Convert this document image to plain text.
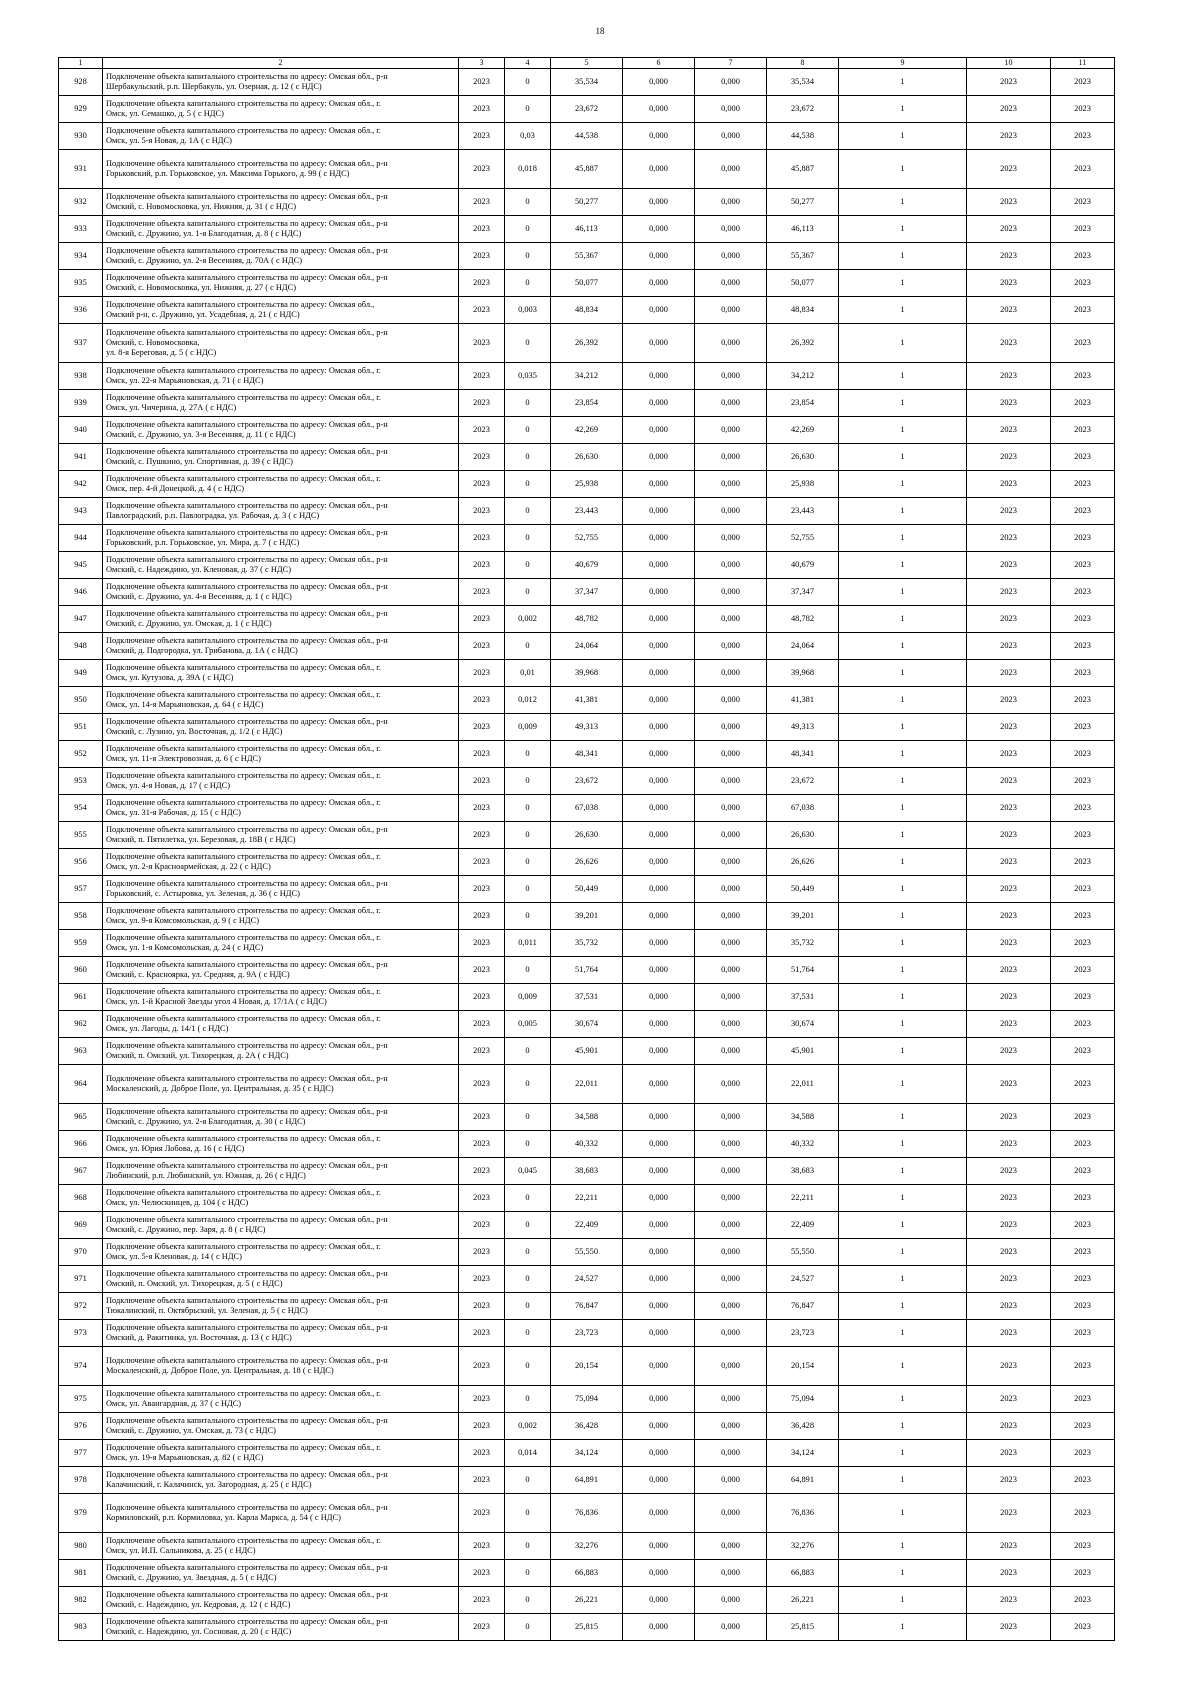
18
1	2	3	4	5	6	7	8	9	10	11
928	Подключение объекта капитального строительства по адресу: Омская обл., р-н
Шербакульский, р.п. Шербакуль, ул. Озерная, д. 12 ( с НДС)	2023	0	35,534	0,000	0,000	35,534	1	2023	2023
929	Подключение объекта капитального строительства по адресу: Омская обл., г.
Омск, ул. Семашко, д. 5 ( с НДС)	2023	0	23,672	0,000	0,000	23,672	1	2023	2023
930	Подключение объекта капитального строительства по адресу: Омская обл., г.
Омск, ул. 5-я Новая, д. 1А ( с НДС)	2023	0,03	44,538	0,000	0,000	44,538	1	2023	2023
931	Подключение объекта капитального строительства по адресу: Омская обл., р-н
Горьковский, р.п. Горьковское, ул. Максима Горького, д. 99 ( с НДС)	2023	0,018	45,887	0,000	0,000	45,887	1	2023	2023
932	Подключение объекта капитального строительства по адресу: Омская обл., р-н
Омский, с. Новомосковка, ул. Нижняя, д. 31 ( с НДС)	2023	0	50,277	0,000	0,000	50,277	1	2023	2023
933	Подключение объекта капитального строительства по адресу: Омская обл., р-н
Омский, с. Дружино, ул. 1-я Благодатная, д. 8 ( с НДС)	2023	0	46,113	0,000	0,000	46,113	1	2023	2023
934	Подключение объекта капитального строительства по адресу: Омская обл., р-н
Омский, с. Дружино, ул. 2-я Весенняя, д. 70А ( с НДС)	2023	0	55,367	0,000	0,000	55,367	1	2023	2023
935	Подключение объекта капитального строительства по адресу: Омская обл., р-н
Омский, с. Новомосковка, ул. Нижняя, д. 27 ( с НДС)	2023	0	50,077	0,000	0,000	50,077	1	2023	2023
936	Подключение объекта капитального строительства по адресу: Омская обл.,
Омский р-н, с. Дружино, ул. Усадебная, д. 21 ( с НДС)	2023	0,003	48,834	0,000	0,000	48,834	1	2023	2023
937	Подключение объекта капитального строительства по адресу: Омская обл., р-н
Омский, с. Новомосковка,
ул. 8-я Береговая, д. 5 ( с НДС)	2023	0	26,392	0,000	0,000	26,392	1	2023	2023
938	Подключение объекта капитального строительства по адресу: Омская обл., г.
Омск, ул. 22-я Марьяновская, д. 71 ( с НДС)	2023	0,035	34,212	0,000	0,000	34,212	1	2023	2023
939	Подключение объекта капитального строительства по адресу: Омская обл., г.
Омск, ул. Чичерина, д. 27А ( с НДС)	2023	0	23,854	0,000	0,000	23,854	1	2023	2023
940	Подключение объекта капитального строительства по адресу: Омская обл., р-н
Омский, с. Дружино, ул. 3-я Весенняя, д. 11 ( с НДС)	2023	0	42,269	0,000	0,000	42,269	1	2023	2023
941	Подключение объекта капитального строительства по адресу: Омская обл., р-н
Омский, с. Пушкино, ул. Спортивная, д. 39 ( с НДС)	2023	0	26,630	0,000	0,000	26,630	1	2023	2023
942	Подключение объекта капитального строительства по адресу: Омская обл., г.
Омск, пер. 4-й Донецкой, д. 4 ( с НДС)	2023	0	25,938	0,000	0,000	25,938	1	2023	2023
943	Подключение объекта капитального строительства по адресу: Омская обл., р-н
Павлоградский, р.п. Павлоградка, ул. Рабочая, д. 3 ( с НДС)	2023	0	23,443	0,000	0,000	23,443	1	2023	2023
944	Подключение объекта капитального строительства по адресу: Омская обл., р-н
Горьковский, р.п. Горьковское, ул. Мира, д. 7 ( с НДС)	2023	0	52,755	0,000	0,000	52,755	1	2023	2023
945	Подключение объекта капитального строительства по адресу: Омская обл., р-н
Омский, с. Надеждино, ул. Кленовая, д. 37 ( с НДС)	2023	0	40,679	0,000	0,000	40,679	1	2023	2023
946	Подключение объекта капитального строительства по адресу: Омская обл., р-н
Омский, с. Дружино, ул. 4-я Весенняя, д. 1 ( с НДС)	2023	0	37,347	0,000	0,000	37,347	1	2023	2023
947	Подключение объекта капитального строительства по адресу: Омская обл., р-н
Омский, с. Дружино, ул. Омская, д. 1 ( с НДС)	2023	0,002	48,782	0,000	0,000	48,782	1	2023	2023
948	Подключение объекта капитального строительства по адресу: Омская обл., р-н
Омский, д. Подгородка, ул. Грибанова, д. 1А ( с НДС)	2023	0	24,064	0,000	0,000	24,064	1	2023	2023
949	Подключение объекта капитального строительства по адресу: Омская обл., г.
Омск, ул. Кутузова, д. 39А ( с НДС)	2023	0,01	39,968	0,000	0,000	39,968	1	2023	2023
950	Подключение объекта капитального строительства по адресу: Омская обл., г.
Омск, ул. 14-я Марьяновская, д. 64 ( с НДС)	2023	0,012	41,381	0,000	0,000	41,381	1	2023	2023
951	Подключение объекта капитального строительства по адресу: Омская обл., р-н
Омский, с. Лузино, ул. Восточная, д. 1/2 ( с НДС)	2023	0,009	49,313	0,000	0,000	49,313	1	2023	2023
952	Подключение объекта капитального строительства по адресу: Омская обл., г.
Омск, ул. 11-я Электровозная, д. 6 ( с НДС)	2023	0	48,341	0,000	0,000	48,341	1	2023	2023
953	Подключение объекта капитального строительства по адресу: Омская обл., г.
Омск, ул. 4-я Новая, д. 17 ( с НДС)	2023	0	23,672	0,000	0,000	23,672	1	2023	2023
954	Подключение объекта капитального строительства по адресу: Омская обл., г.
Омск, ул. 31-я Рабочая, д. 15 ( с НДС)	2023	0	67,038	0,000	0,000	67,038	1	2023	2023
955	Подключение объекта капитального строительства по адресу: Омская обл., р-н
Омский, п. Пятилетка, ул. Березовая, д. 18В ( с НДС)	2023	0	26,630	0,000	0,000	26,630	1	2023	2023
956	Подключение объекта капитального строительства по адресу: Омская обл., г.
Омск, ул. 2-я Красноармейская, д. 22 ( с НДС)	2023	0	26,626	0,000	0,000	26,626	1	2023	2023
957	Подключение объекта капитального строительства по адресу: Омская обл., р-н
Горьковский, с. Астыровка, ул. Зеленая, д. 36 ( с НДС)	2023	0	50,449	0,000	0,000	50,449	1	2023	2023
958	Подключение объекта капитального строительства по адресу: Омская обл., г.
Омск, ул. 9-я Комсомольская, д. 9 ( с НДС)	2023	0	39,201	0,000	0,000	39,201	1	2023	2023
959	Подключение объекта капитального строительства по адресу: Омская обл., г.
Омск, ул. 1-я Комсомольская, д. 24 ( с НДС)	2023	0,011	35,732	0,000	0,000	35,732	1	2023	2023
960	Подключение объекта капитального строительства по адресу: Омская обл., р-н
Омский, с. Красноярка, ул. Средняя, д. 9А ( с НДС)	2023	0	51,764	0,000	0,000	51,764	1	2023	2023
961	Подключение объекта капитального строительства по адресу: Омская обл., г.
Омск, ул. 1-й Красной Звезды угол 4 Новая, д. 17/1А ( с НДС)	2023	0,009	37,531	0,000	0,000	37,531	1	2023	2023
962	Подключение объекта капитального строительства по адресу: Омская обл., г.
Омск, ул. Лагоды, д. 14/1 ( с НДС)	2023	0,005	30,674	0,000	0,000	30,674	1	2023	2023
963	Подключение объекта капитального строительства по адресу: Омская обл., р-н
Омский, п. Омский, ул. Тихорецкая, д. 2А ( с НДС)	2023	0	45,901	0,000	0,000	45,901	1	2023	2023
964	Подключение объекта капитального строительства по адресу: Омская обл., р-н
Москаленский, д. Доброе Поле, ул. Центральная, д. 35 ( с НДС)	2023	0	22,011	0,000	0,000	22,011	1	2023	2023
965	Подключение объекта капитального строительства по адресу: Омская обл., р-н
Омский, с. Дружино, ул. 2-я Благодатная, д. 30 ( с НДС)	2023	0	34,588	0,000	0,000	34,588	1	2023	2023
966	Подключение объекта капитального строительства по адресу: Омская обл., г.
Омск, ул. Юрия Лобова, д. 16 ( с НДС)	2023	0	40,332	0,000	0,000	40,332	1	2023	2023
967	Подключение объекта капитального строительства по адресу: Омская обл., р-н
Любинский, р.п. Любинский, ул. Южная, д. 26 ( с НДС)	2023	0,045	38,683	0,000	0,000	38,683	1	2023	2023
968	Подключение объекта капитального строительства по адресу: Омская обл., г.
Омск, ул. Челюскинцев, д. 104 ( с НДС)	2023	0	22,211	0,000	0,000	22,211	1	2023	2023
969	Подключение объекта капитального строительства по адресу: Омская обл., р-н
Омский, с. Дружино, пер. Заря, д. 8 ( с НДС)	2023	0	22,409	0,000	0,000	22,409	1	2023	2023
970	Подключение объекта капитального строительства по адресу: Омская обл., г.
Омск, ул. 5-я Кленовая, д. 14 ( с НДС)	2023	0	55,550	0,000	0,000	55,550	1	2023	2023
971	Подключение объекта капитального строительства по адресу: Омская обл., р-н
Омский, п. Омский, ул. Тихорецкая, д. 5 ( с НДС)	2023	0	24,527	0,000	0,000	24,527	1	2023	2023
972	Подключение объекта капитального строительства по адресу: Омская обл., р-н
Тюкалинский, п. Октябрьский, ул. Зеленая, д. 5 ( с НДС)	2023	0	76,847	0,000	0,000	76,847	1	2023	2023
973	Подключение объекта капитального строительства по адресу: Омская обл., р-н
Омский, д. Ракитинка, ул. Восточная, д. 13 ( с НДС)	2023	0	23,723	0,000	0,000	23,723	1	2023	2023
974	Подключение объекта капитального строительства по адресу: Омская обл., р-н
Москаленский, д. Доброе Поле, ул. Центральная, д. 18 ( с НДС)	2023	0	20,154	0,000	0,000	20,154	1	2023	2023
975	Подключение объекта капитального строительства по адресу: Омская обл., г.
Омск, ул. Авангардная, д. 37 ( с НДС)	2023	0	75,094	0,000	0,000	75,094	1	2023	2023
976	Подключение объекта капитального строительства по адресу: Омская обл., р-н
Омский, с. Дружино, ул. Омская, д. 73 ( с НДС)	2023	0,002	36,428	0,000	0,000	36,428	1	2023	2023
977	Подключение объекта капитального строительства по адресу: Омская обл., г.
Омск, ул. 19-я Марьяновская, д. 82 ( с НДС)	2023	0,014	34,124	0,000	0,000	34,124	1	2023	2023
978	Подключение объекта капитального строительства по адресу: Омская обл., р-н
Калачинский, г. Калачинск, ул. Загородная, д. 25 ( с НДС)	2023	0	64,891	0,000	0,000	64,891	1	2023	2023
979	Подключение объекта капитального строительства по адресу: Омская обл., р-н
Кормиловский, р.п. Кормиловка, ул. Карла Маркса, д. 54 ( с НДС)	2023	0	76,836	0,000	0,000	76,836	1	2023	2023
980	Подключение объекта капитального строительства по адресу: Омская обл., г.
Омск, ул. И.П. Сальникова, д. 25 ( с НДС)	2023	0	32,276	0,000	0,000	32,276	1	2023	2023
981	Подключение объекта капитального строительства по адресу: Омская обл., р-н
Омский, с. Дружино, ул. Звездная, д. 5 ( с НДС)	2023	0	66,883	0,000	0,000	66,883	1	2023	2023
982	Подключение объекта капитального строительства по адресу: Омская обл., р-н
Омский, с. Надеждино, ул. Кедровая, д. 12 ( с НДС)	2023	0	26,221	0,000	0,000	26,221	1	2023	2023
983	Подключение объекта капитального строительства по адресу: Омская обл., р-н
Омский, с. Надеждино, ул. Сосновая, д. 20 ( с НДС)	2023	0	25,815	0,000	0,000	25,815	1	2023	2023
